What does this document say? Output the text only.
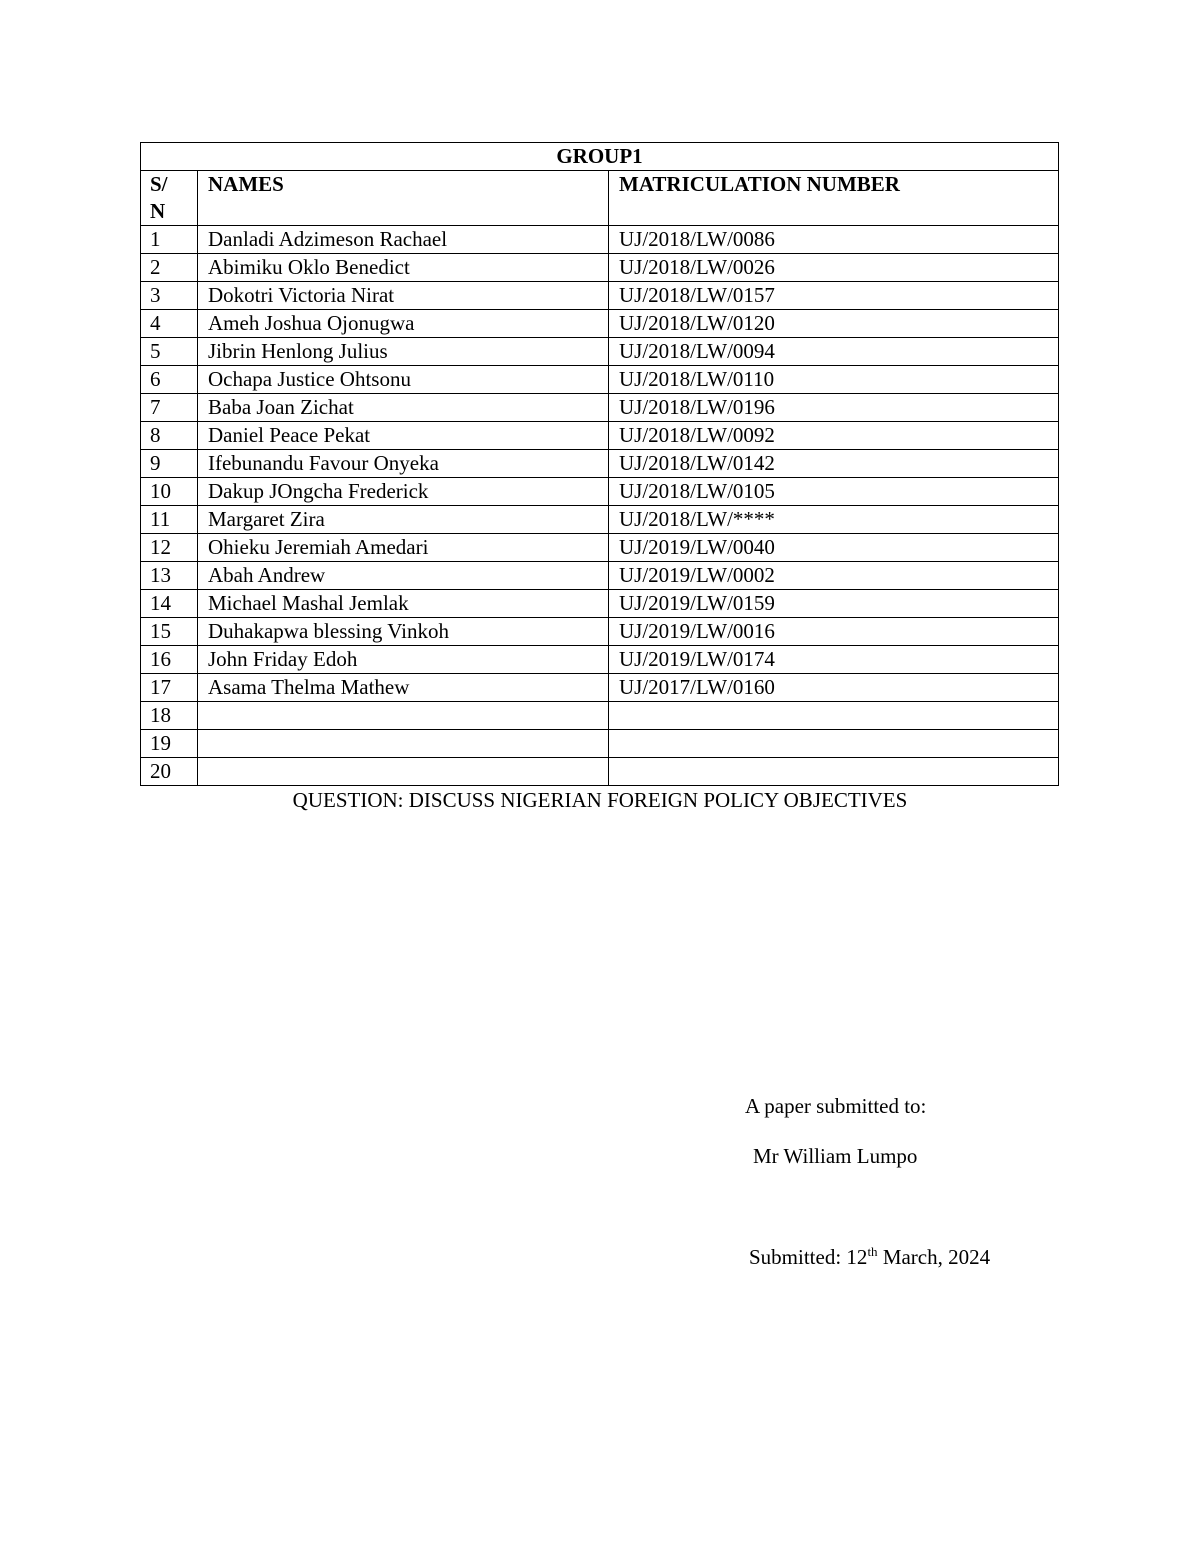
GROUP1		
S/ N	NAMES	MATRICULATION NUMBER
1	Danladi Adzimeson Rachael	UJ/2018/LW/0086
2	Abimiku Oklo Benedict	UJ/2018/LW/0026
3	Dokotri Victoria Nirat	UJ/2018/LW/0157
4	Ameh Joshua Ojonugwa	UJ/2018/LW/0120
5	Jibrin Henlong Julius	UJ/2018/LW/0094
6	Ochapa Justice Ohtsonu	UJ/2018/LW/0110
7	Baba Joan Zichat	UJ/2018/LW/0196
8	Daniel Peace Pekat	UJ/2018/LW/0092
9	Ifebunandu Favour Onyeka	UJ/2018/LW/0142
10	Dakup JOngcha Frederick	UJ/2018/LW/0105
11	Margaret Zira	UJ/2018/LW/****
12	Ohieku Jeremiah Amedari	UJ/2019/LW/0040
13	Abah Andrew	UJ/2019/LW/0002
14	Michael Mashal Jemlak	UJ/2019/LW/0159
15	Duhakapwa blessing Vinkoh	UJ/2019/LW/0016
16	John Friday Edoh	UJ/2019/LW/0174
17	Asama Thelma Mathew	UJ/2017/LW/0160
18		
19		
20		
QUESTION: DISCUSS NIGERIAN FOREIGN POLICY OBJECTIVES
A paper submitted to:
Mr William Lumpo
Submitted: 12th March, 2024
